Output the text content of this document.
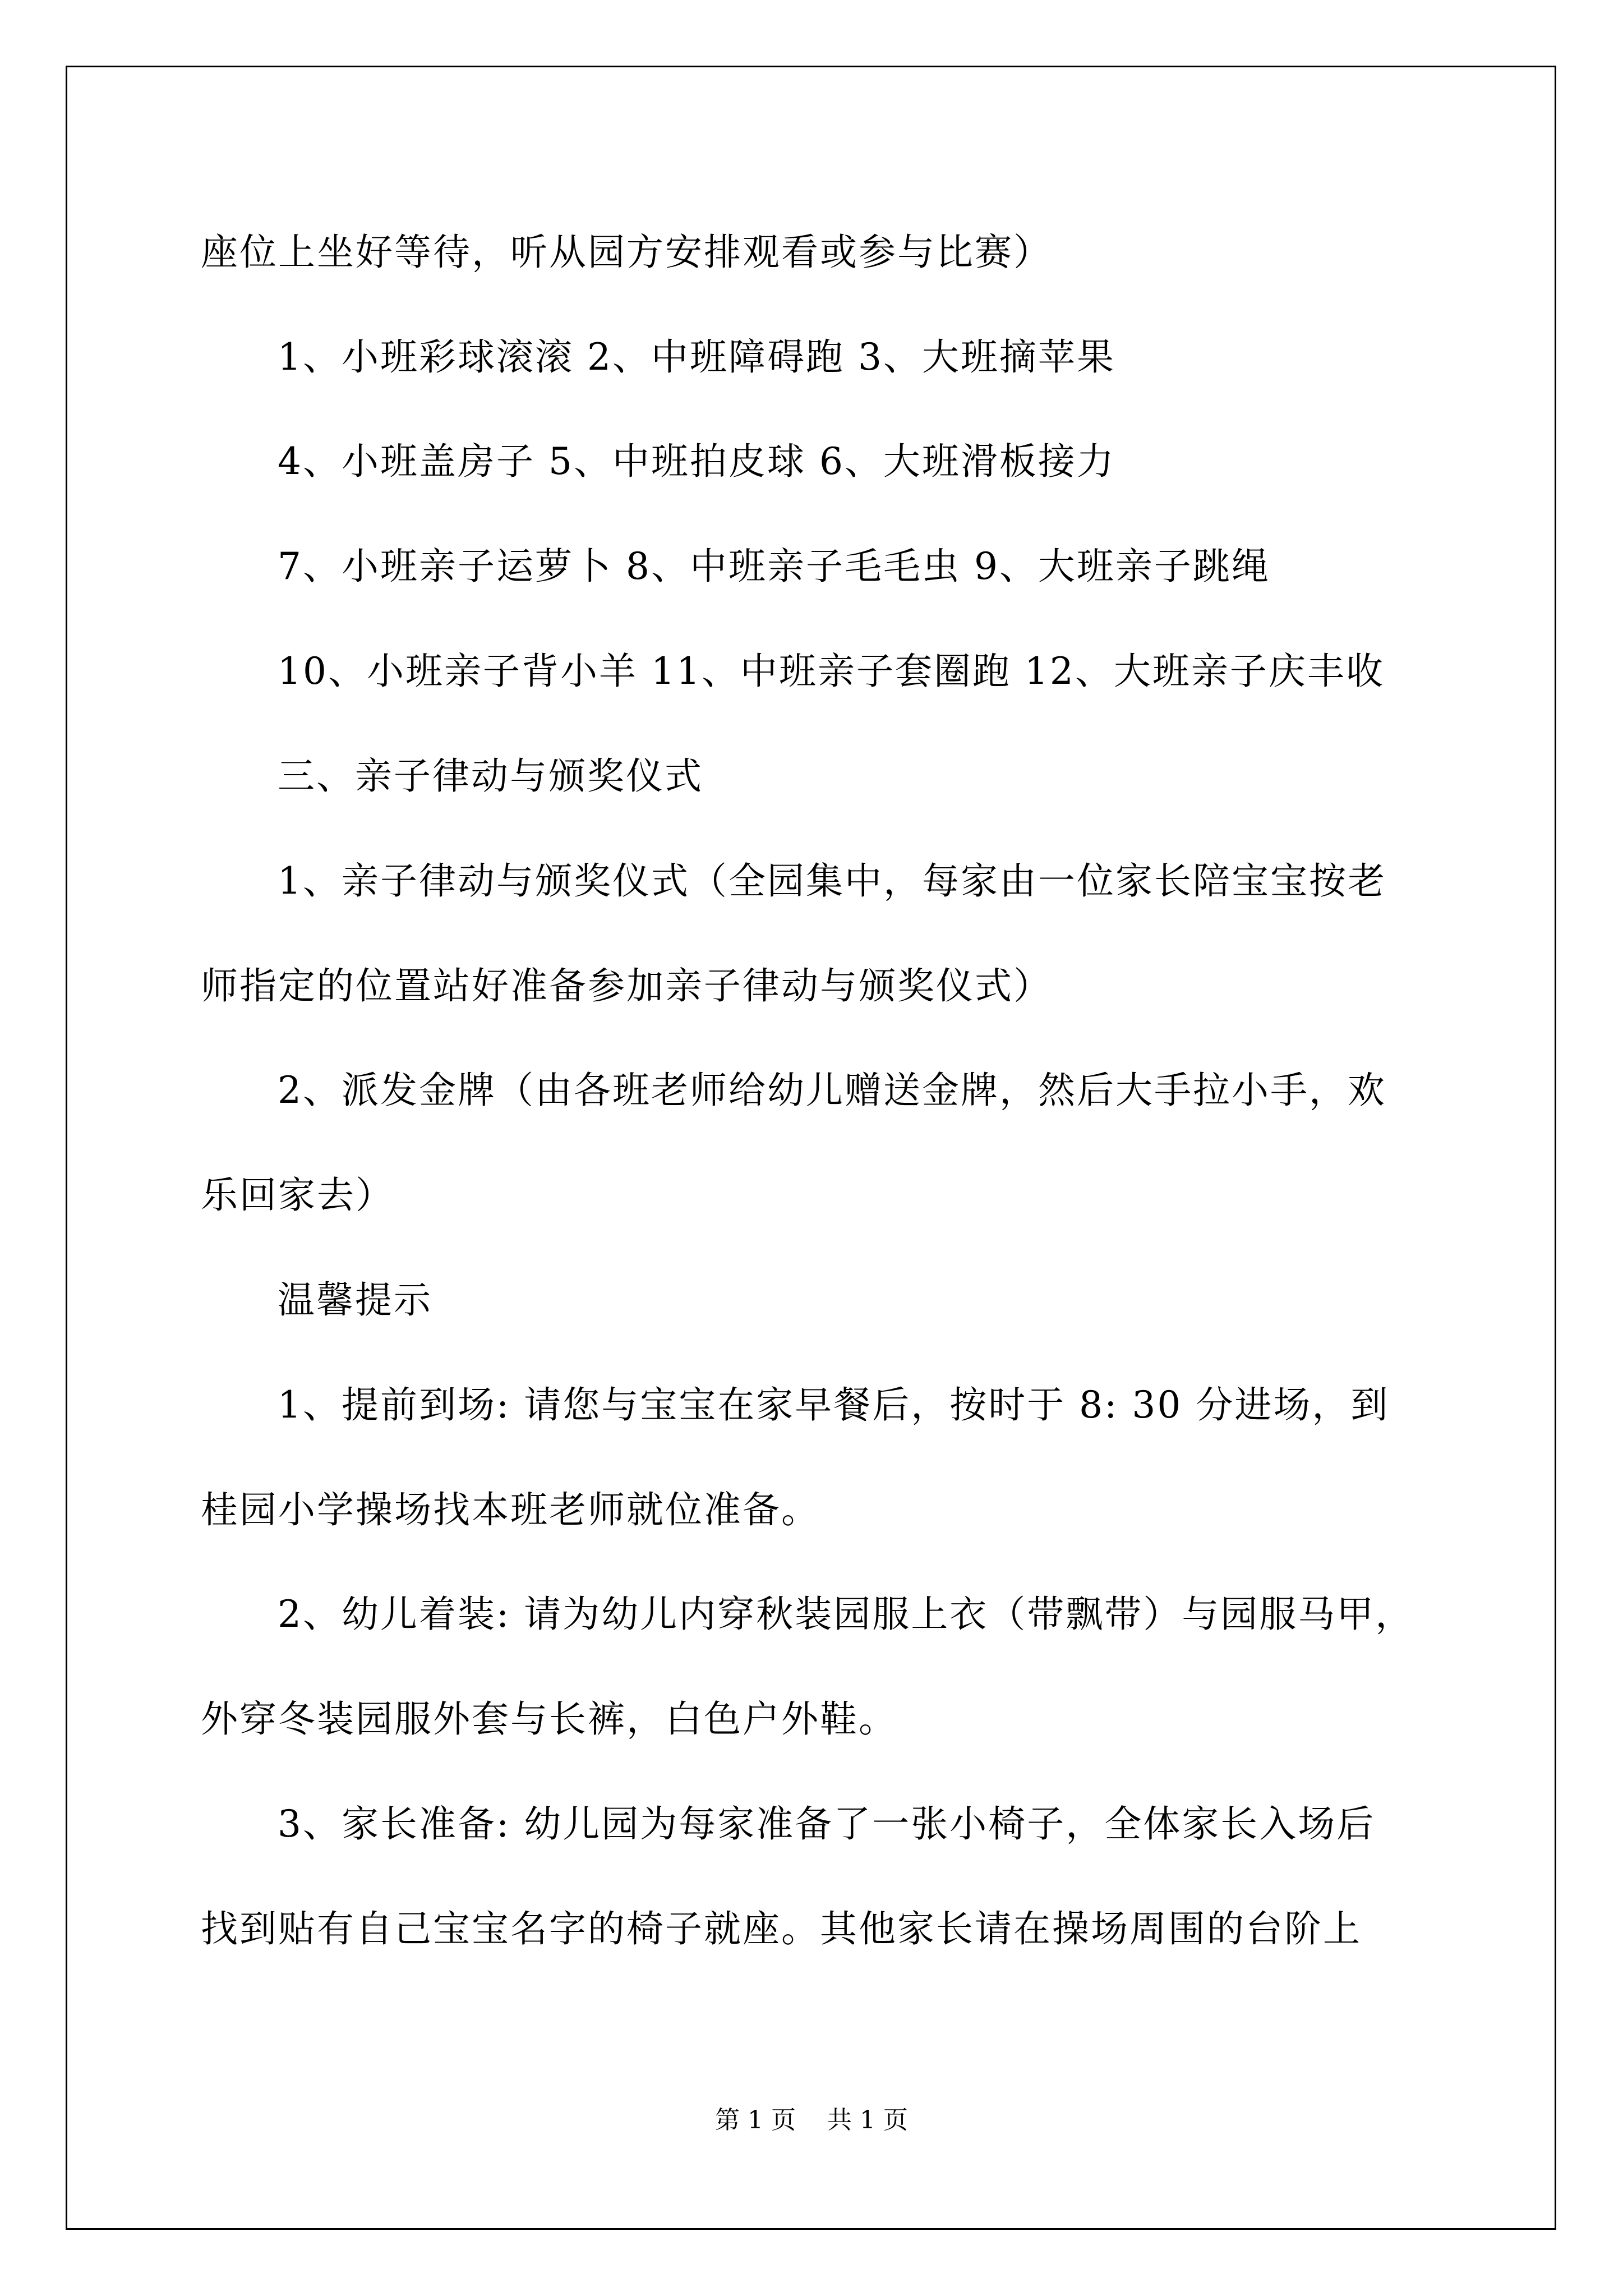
座位上坐好等待，听从园方安排观看或参与比赛）
1、小班彩球滚滚 2、中班障碍跑 3、大班摘苹果
4、小班盖房子 5、中班拍皮球 6、大班滑板接力
7、小班亲子运萝卜 8、中班亲子毛毛虫 9、大班亲子跳绳
10、小班亲子背小羊 11、中班亲子套圈跑 12、大班亲子庆丰收
三、亲子律动与颁奖仪式
1、亲子律动与颁奖仪式（全园集中，每家由一位家长陪宝宝按老
师指定的位置站好准备参加亲子律动与颁奖仪式）
2、派发金牌（由各班老师给幼儿赠送金牌，然后大手拉小手，欢
乐回家去）
温馨提示
1、提前到场: 请您与宝宝在家早餐后，按时于 8: 30 分进场，到
桂园小学操场找本班老师就位准备。
2、幼儿着装: 请为幼儿内穿秋装园服上衣（带飘带）与园服马甲，
外穿冬装园服外套与长裤，白色户外鞋。
3、家长准备: 幼儿园为每家准备了一张小椅子，全体家长入场后
找到贴有自己宝宝名字的椅子就座。其他家长请在操场周围的台阶上
第 1 页    共 1 页
